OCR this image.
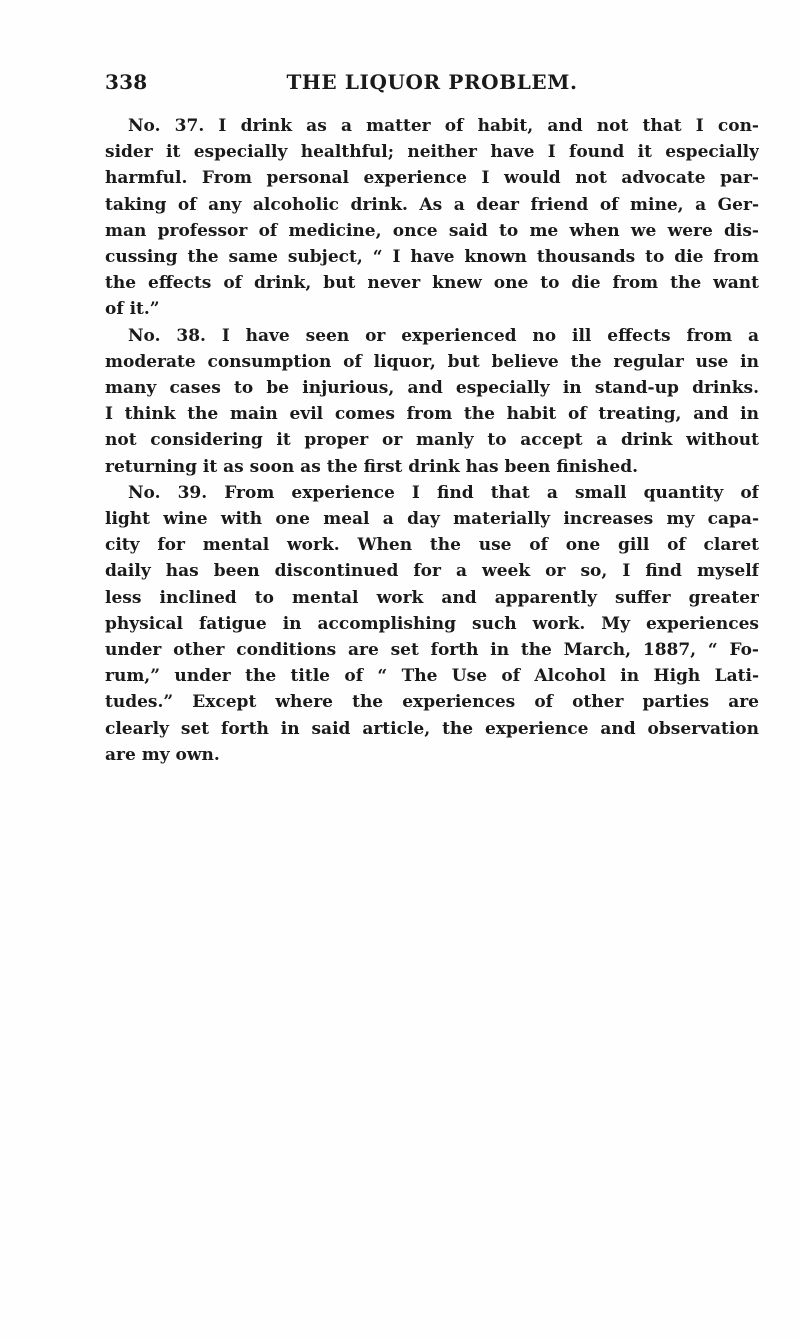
338	THE LIQUOR PROBLEM.
No. 37. I drink as a matter of habit, and not that I con-
sider it especially healthful; neither have I found it especially
harmful. From personal experience I would not advocate par-
taking of any alcoholic drink. As a dear friend of mine, a Ger-
man professor of medicine, once said to me when we were dis-
cussing the same subject, “ I have known thousands to die from
the effects of drink, but never knew one to die from the want
of it.”
No. 38. I have seen or experienced no ill effects from a
moderate consumption of liquor, but believe the regular use in
many cases to be injurious, and especially in stand-up drinks.
I think the main evil comes from the habit of treating, and in
not considering it proper or manly to accept a drink without
returning it as soon as the first drink has been finished.
No. 39. From experience I find that a small quantity of
light wine with one meal a day materially increases my capa-
city for mental work. When the use of one gill of claret
daily has been discontinued for a week or so, I find myself
less inclined to mental work and apparently suffer greater
physical fatigue in accomplishing such work. My experiences
under other conditions are set forth in the March, 1887, “ Fo-
rum,” under the title of “ The Use of Alcohol in High Lati-
tudes.” Except where the experiences of other parties are
clearly set forth in said article, the experience and observation
are my own.
